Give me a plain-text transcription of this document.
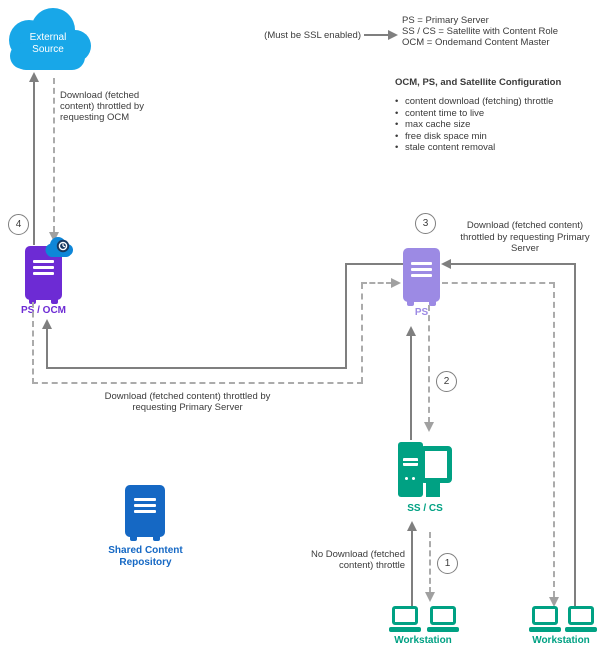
External Source
Download (fetched content) throttled by requesting OCM
4
PS / OCM
(Must be SSL enabled)
PS = Primary Server
SS / CS = Satellite with Content Role
OCM = Ondemand Content Master
OCM, PS, and Satellite Configuration
• content download (fetching) throttle
• content time to live
• max cache size
• free disk space min
• stale content removal
3	Download (fetched content) throttled by requesting Primary Server
PS
Download (fetched content) throttled by requesting Primary Server
2
SS / CS
1
No Download (fetched content) throttle
Shared Content Repository
Workstation	Workstation
